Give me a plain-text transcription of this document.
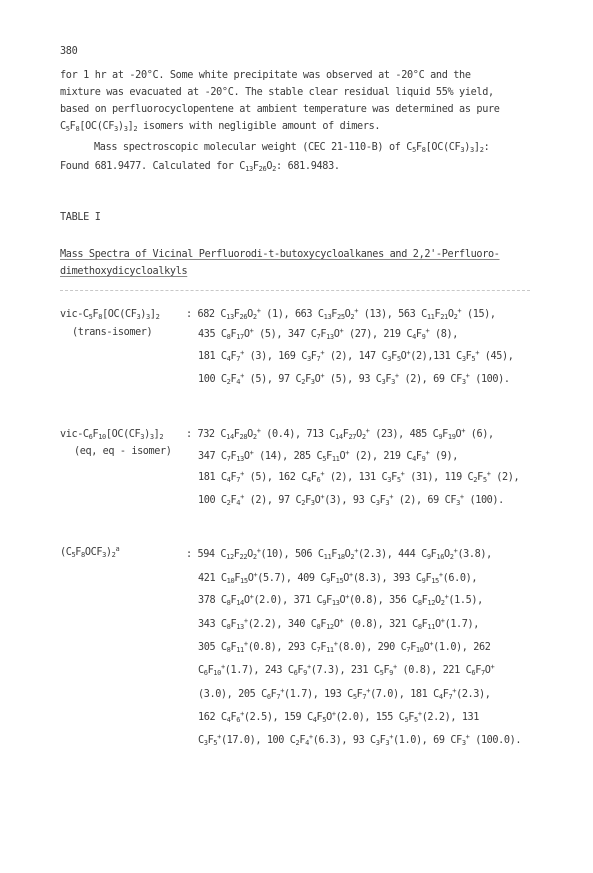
380
for 1 hr at -20°C. Some white precipitate was observed at -20°C and the
mixture was evacuated at -20°C. The stable clear residual liquid 55% yield,
based on perfluorocyclopentene at ambient temperature was determined as pure
$C_5F_8[OC(CF_3)_3]_2$ isomers with negligible amount of dimers.
Mass spectroscopic molecular weight (CEC 21-110-B) of $C_5F_8[OC(CF_3)_3]_2$:
Found 681.9477. Calculated for $C_{13}F_{26}O_2$: 681.9483.
TABLE I
Mass Spectra of Vicinal Perfluorodi-t-butoxycycloalkanes and 2,2'-Perfluoro-
dimethoxydicycloalkyls
vic-$C_5F_8[OC(CF_3)_3]_2$
(trans-isomer)
: 682 $C_{13}F_{26}O_2^+$ (1), 663 $C_{13}F_{25}O_2^+$ (13), 563 $C_{11}F_{21}O_2^+$ (15),
435 $C_8F_{17}O^+$ (5), 347 $C_7F_{13}O^+$ (27), 219 $C_4F_9^+$ (8),
181 $C_4F_7^+$ (3), 169 $C_3F_7^+$ (2), 147 $C_3F_5O^+(2),131$ $C_3F_5^+$ (45),
100 $C_2F_4^+$ (5), 97 $C_2F_3O^+$ (5), 93 $C_3F_3^+$ (2), 69 $CF_3^+$ (100).
vic-$C_6F_{10}[OC(CF_3)_3]_2$
(eq, eq - isomer)
: 732 $C_{14}F_{28}O_2^+$ (0.4), 713 $C_{14}F_{27}O_2^+$ (23), 485 $C_9F_{19}O^+$ (6),
347 $C_7F_{13}O^+$ (14), 285 $C_5F_{11}O^+$ (2), 219 $C_4F_9^+$ (9),
181 $C_4F_7^+$ (5), 162 $C_4F_6^+$ (2), 131 $C_3F_5^+$ (31), 119 $C_2F_5^+$ (2),
100 $C_2F_4^+$ (2), 97 $C_2F_3O^+(3)$, 93 $C_3F_3^+$ (2), 69 $CF_3^+$ (100).
$(C_5F_8OCF_3)_2^a$	: 594 $C_{12}F_{22}O_2^+(10)$, 506 $C_{11}F_{18}O_2^+(2.3)$, 444 $C_9F_{16}O_2^+(3.8)$,
421 $C_{10}F_{15}O^+(5.7)$, 409 $C_9F_{15}O^+(8.3)$, 393 $C_9F_{15}^+(6.0)$,
378 $C_8F_{14}O^+(2.0)$, 371 $C_9F_{13}O^+(0.8)$, 356 $C_8F_{12}O_2^+(1.5)$,
343 $C_8F_{13}^+(2.2)$, 340 $C_8F_{12}O^+$ (0.8), 321 $C_8F_{11}O^+(1.7)$,
305 $C_8F_{11}^+(0.8)$, 293 $C_7F_{11}^+(8.0)$, 290 $C_7F_{10}O^+(1.0)$, 262
$C_6F_{10}^+(1.7)$, 243 $C_6F_9^+(7.3)$, 231 $C_5F_9^+$ (0.8), 221 $C_6F_7O^+$
(3.0), 205 $C_6F_7^+(1.7)$, 193 $C_5F_7^+(7.0)$, 181 $C_4F_7^+(2.3)$,
162 $C_4F_6^+(2.5)$, 159 $C_4F_5O^+(2.0)$, 155 $C_5F_5^+(2.2)$, 131
$C_3F_5^+(17.0)$, 100 $C_2F_4^+(6.3)$, 93 $C_3F_3^+(1.0)$, 69 $CF_3^+$ (100.0).
